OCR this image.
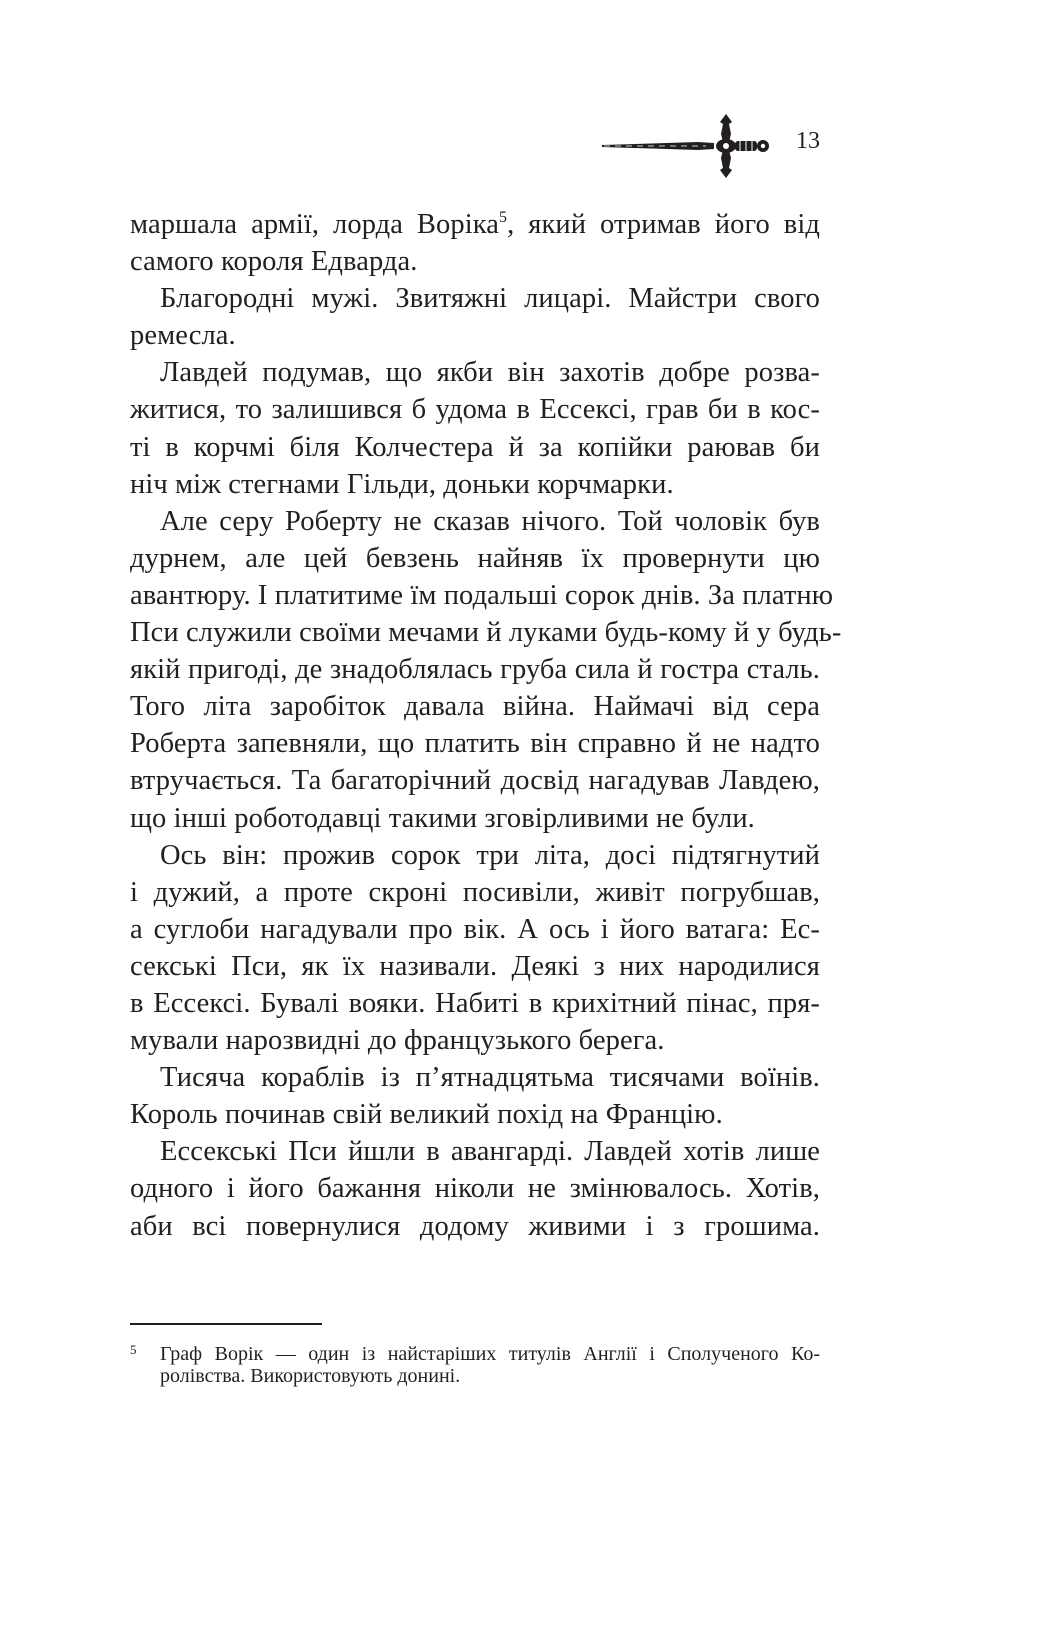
13
маршала армії, лорда Воріка$^5$, який отримав його від
самого короля Едварда.
Благородні мужі. Звитяжні лицарі. Майстри свого
ремесла.
Лавдей подумав, що якби він захотів добре розва-
житися, то залишився б удома в Ессексі, грав би в кос-
ті в корчмі біля Колчестера й за копійки раював би
ніч між стегнами Гільди, доньки корчмарки.
Але серу Роберту не сказав нічого. Той чоловік був
дурнем, але цей бевзень найняв їх провернути цю
авантюру. І платитиме їм подальші сорок днів. За платню
Пси служили своїми мечами й луками будь-кому й у будь-
якій пригоді, де знадоблялась груба сила й гостра сталь.
Того літа заробіток давала війна. Наймачі від сера
Роберта запевняли, що платить він справно й не надто
втручається. Та багаторічний досвід нагадував Лавдею,
що інші роботодавці такими зговірливими не були.
Ось він: прожив сорок три літа, досі підтягнутий
і дужий, а проте скроні посивіли, живіт погрубшав,
а суглоби нагадували про вік. А ось і його ватага: Ес-
секські Пси, як їх називали. Деякі з них народилися
в Ессексі. Бувалі вояки. Набиті в крихітний пінас, пря-
мували нарозвидні до французького берега.
Тисяча кораблів із п’ятнадцятьма тисячами воїнів.
Король починав свій великий похід на Францію.
Ессекські Пси йшли в авангарді. Лавдей хотів лише
одного і його бажання ніколи не змінювалось. Хотів,
аби всі повернулися додому живими і з грошима.
5 Граф Ворік — один із найстаріших титулів Англії і Сполученого Ко-
ролівства. Використовують донині.
